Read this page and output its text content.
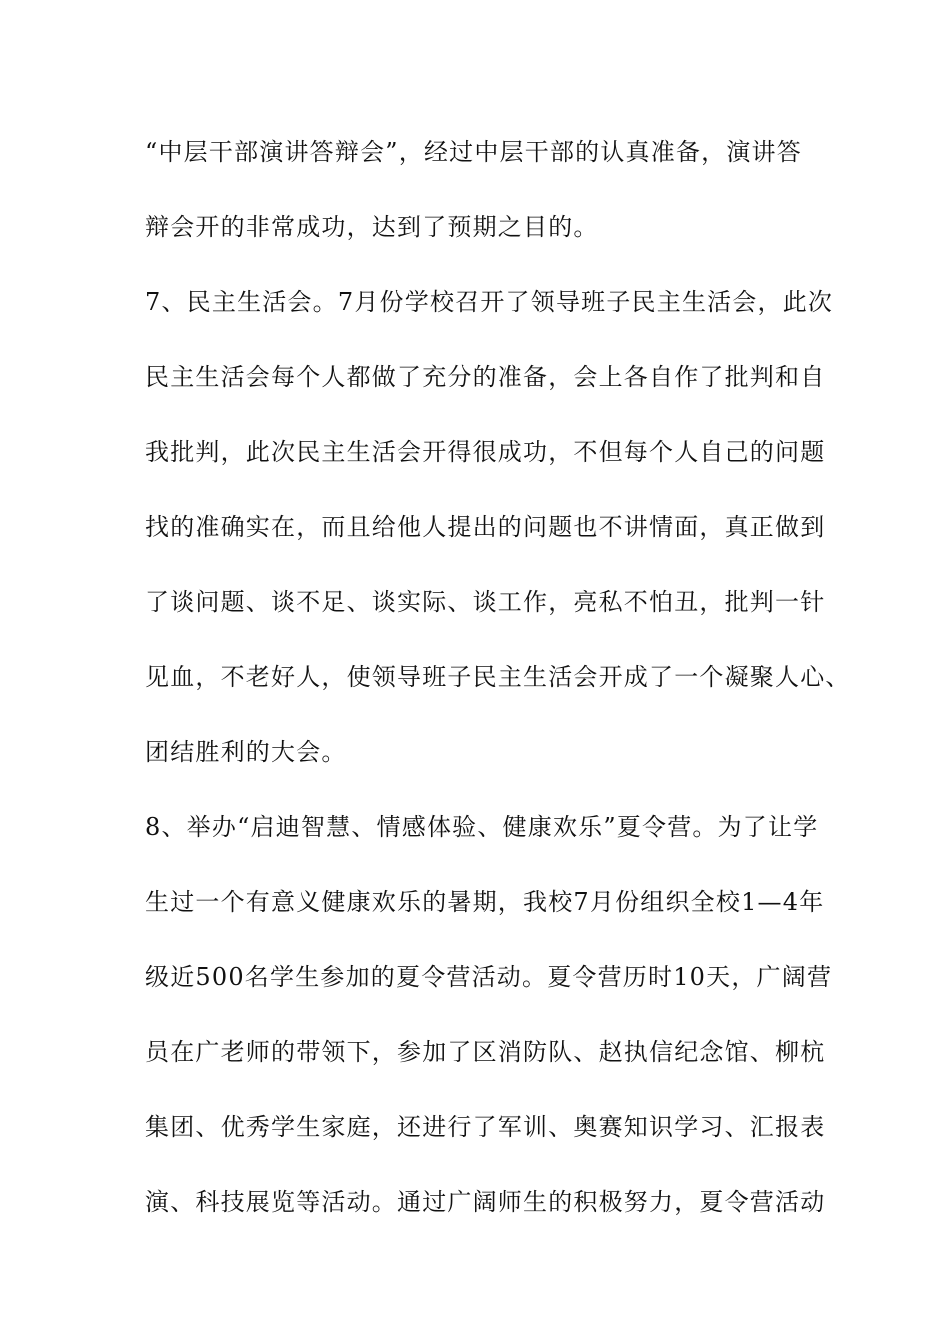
“中层干部演讲答辩会”，经过中层干部的认真准备，演讲答
辩会开的非常成功，达到了预期之目的。
7、民主生活会。7月份学校召开了领导班子民主生活会，此次
民主生活会每个人都做了充分的准备，会上各自作了批判和自
我批判，此次民主生活会开得很成功，不但每个人自己的问题
找的准确实在，而且给他人提出的问题也不讲情面，真正做到
了谈问题、谈不足、谈实际、谈工作，亮私不怕丑，批判一针
见血，不老好人，使领导班子民主生活会开成了一个凝聚人心、
团结胜利的大会。
8、举办“启迪智慧、情感体验、健康欢乐”夏令营。为了让学
生过一个有意义健康欢乐的暑期，我校7月份组织全校1—4年
级近500名学生参加的夏令营活动。夏令营历时10天，广阔营
员在广老师的带领下，参加了区消防队、赵执信纪念馆、柳杭
集团、优秀学生家庭，还进行了军训、奥赛知识学习、汇报表
演、科技展览等活动。通过广阔师生的积极努力，夏令营活动
